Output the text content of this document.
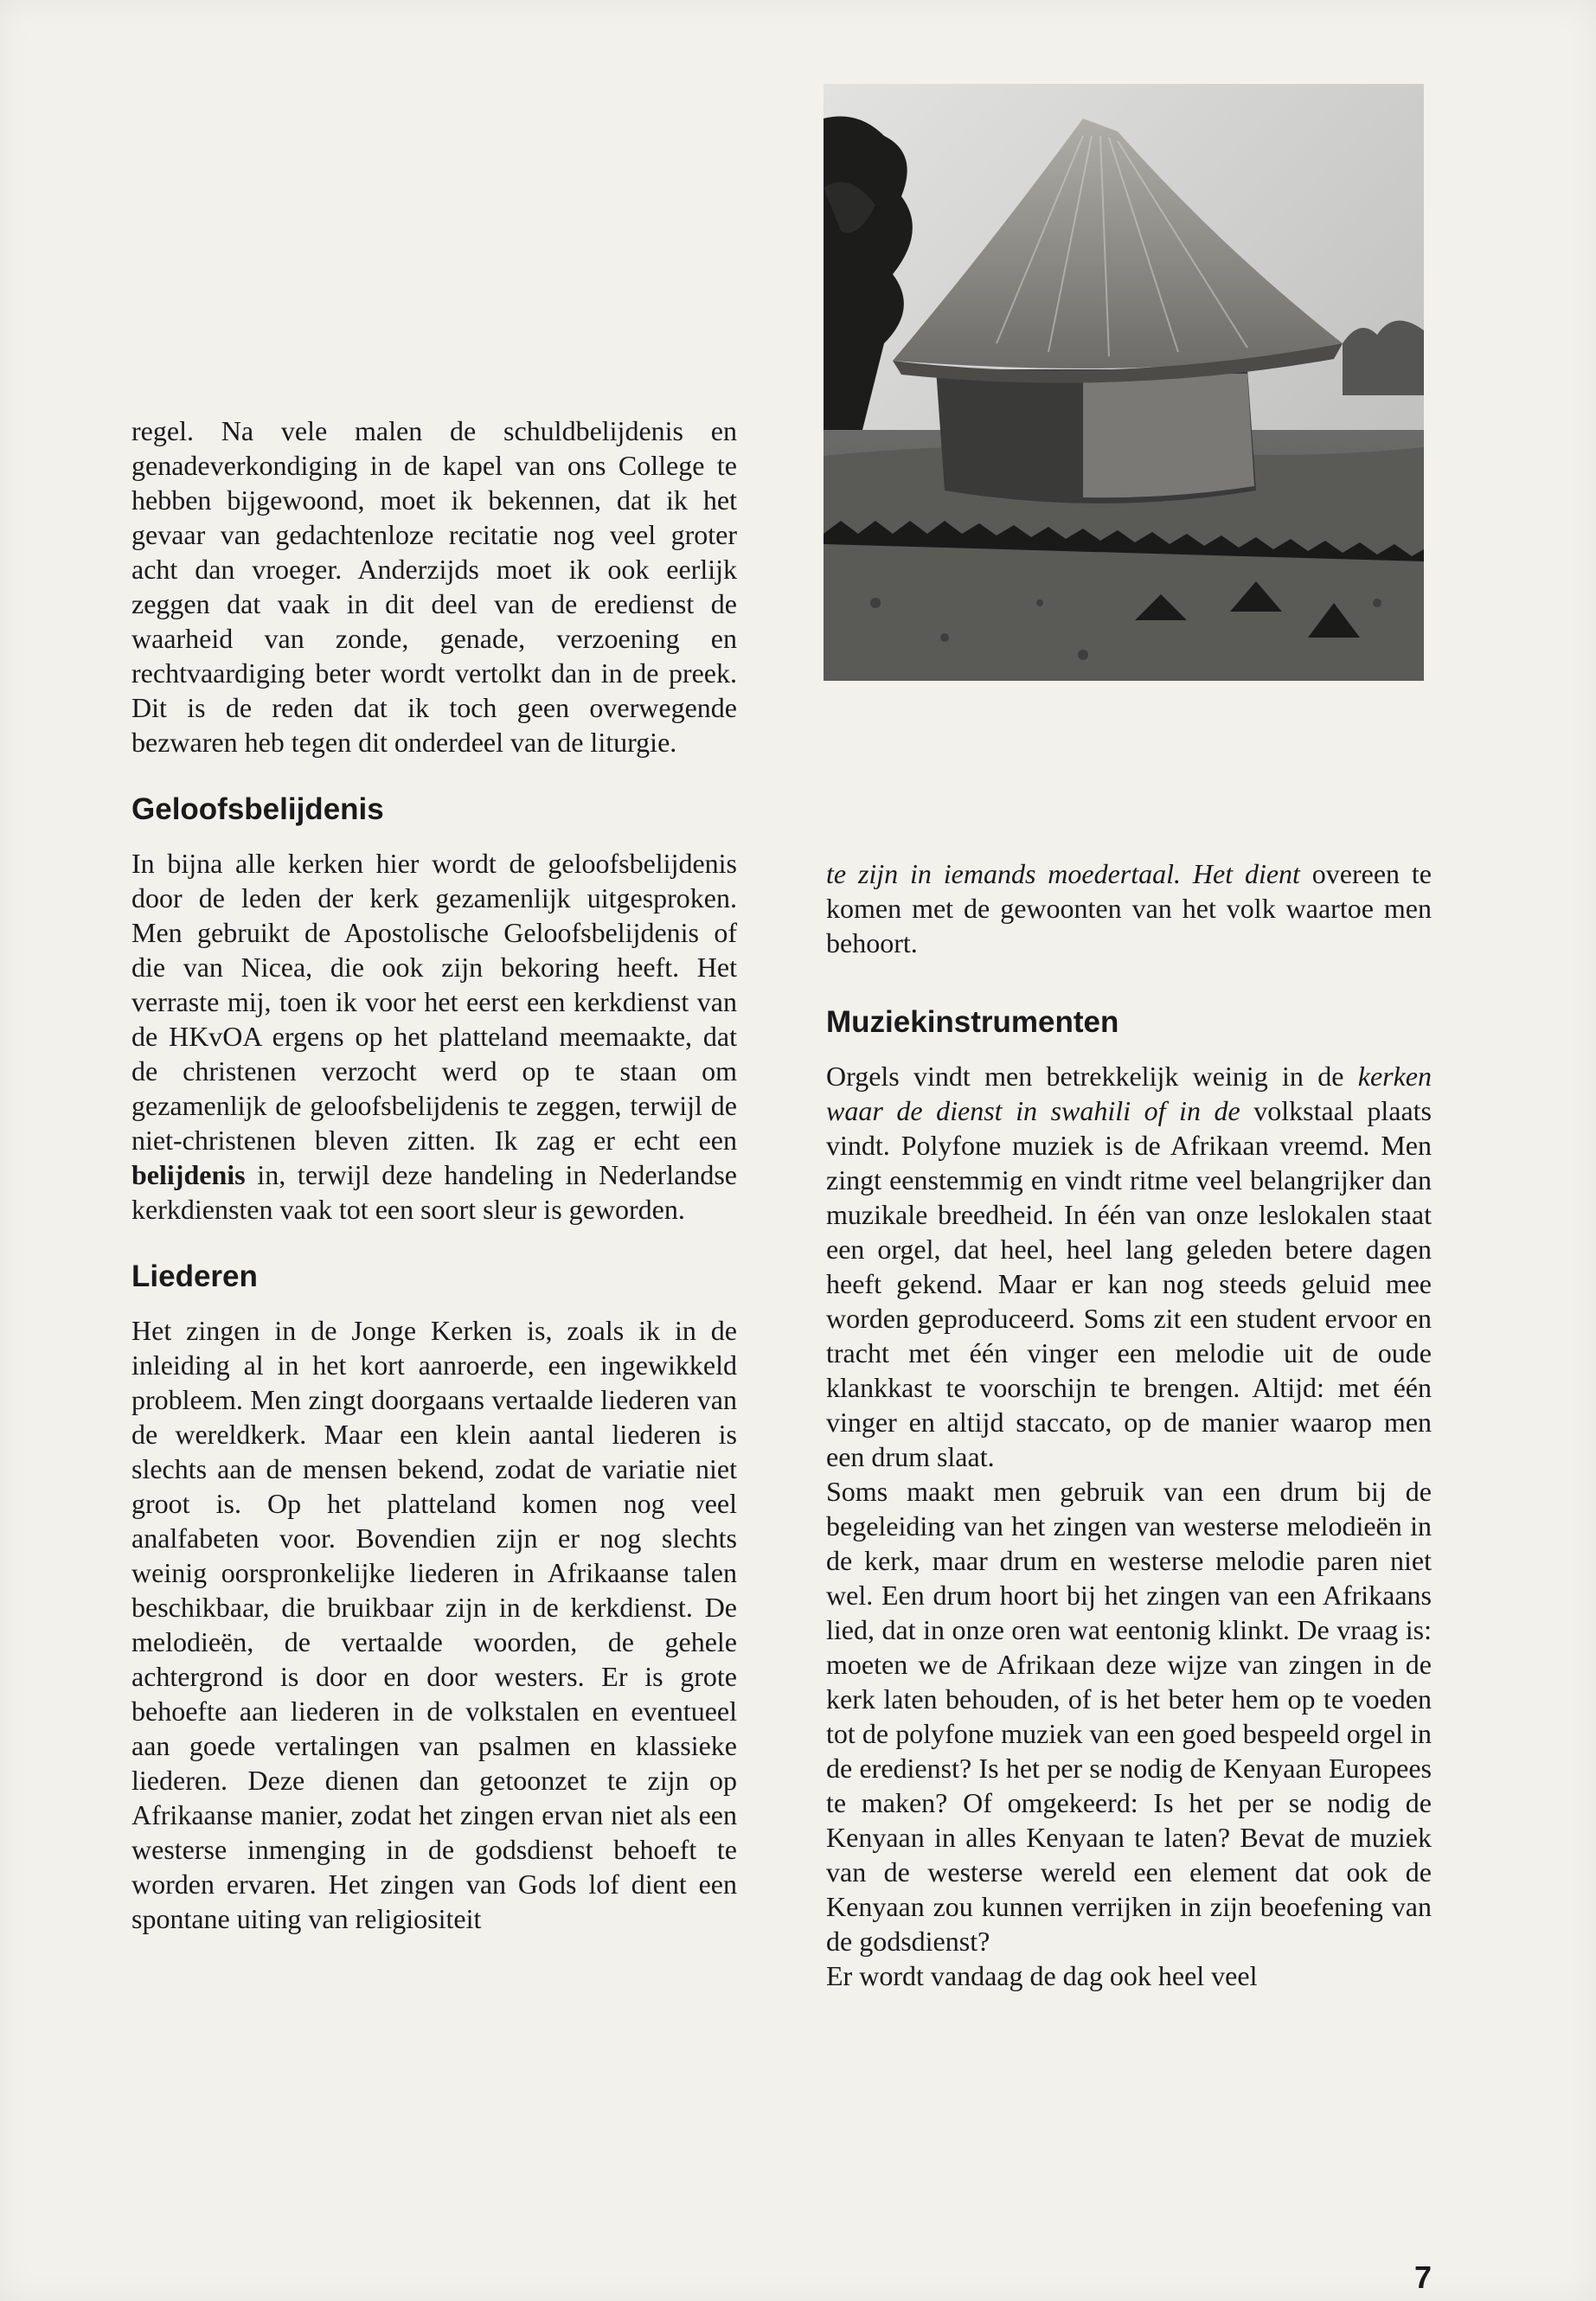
regel. Na vele malen de schuldbelijdenis en genadeverkondiging in de kapel van ons College te hebben bijgewoond, moet ik bekennen, dat ik het gevaar van gedachtenloze recitatie nog veel groter acht dan vroeger. Anderzijds moet ik ook eerlijk zeggen dat vaak in dit deel van de eredienst de waarheid van zonde, genade, verzoening en rechtvaardiging beter wordt vertolkt dan in de preek. Dit is de reden dat ik toch geen overwegende bezwaren heb tegen dit onderdeel van de liturgie.

Geloofsbelijdenis

In bijna alle kerken hier wordt de geloofsbelijdenis door de leden der kerk gezamenlijk uitgesproken. Men gebruikt de Apostolische Geloofsbelijdenis of die van Nicea, die ook zijn bekoring heeft. Het verraste mij, toen ik voor het eerst een kerkdienst van de HKvOA ergens op het platteland meemaakte, dat de christenen verzocht werd op te staan om gezamenlijk de geloofsbelijdenis te zeggen, terwijl de niet-christenen bleven zitten. Ik zag er echt een belijdenis in, terwijl deze handeling in Nederlandse kerkdiensten vaak tot een soort sleur is geworden.

Liederen

Het zingen in de Jonge Kerken is, zoals ik in de inleiding al in het kort aanroerde, een ingewikkeld probleem. Men zingt doorgaans vertaalde liederen van de wereldkerk. Maar een klein aantal liederen is slechts aan de mensen bekend, zodat de variatie niet groot is. Op het platteland komen nog veel analfabeten voor. Bovendien zijn er nog slechts weinig oorspronkelijke liederen in Afrikaanse talen beschikbaar, die bruikbaar zijn in de kerkdienst. De melodieën, de vertaalde woorden, de gehele achtergrond is door en door westers. Er is grote behoefte aan liederen in de volkstalen en eventueel aan goede vertalingen van psalmen en klassieke liederen. Deze dienen dan getoonzet te zijn op Afrikaanse manier, zodat het zingen ervan niet als een westerse inmenging in de godsdienst behoeft te worden ervaren. Het zingen van Gods lof dient een spontane uiting van religiositeit

te zijn in iemands moedertaal. Het dient overeen te komen met de gewoonten van het volk waartoe men behoort.

Muziekinstrumenten

Orgels vindt men betrekkelijk weinig in de kerken waar de dienst in swahili of in de volkstaal plaats vindt. Polyfone muziek is de Afrikaan vreemd. Men zingt eenstemmig en vindt ritme veel belangrijker dan muzikale breedheid. In één van onze leslokalen staat een orgel, dat heel, heel lang geleden betere dagen heeft gekend. Maar er kan nog steeds geluid mee worden geproduceerd. Soms zit een student ervoor en tracht met één vinger een melodie uit de oude klankkast te voorschijn te brengen. Altijd: met één vinger en altijd staccato, op de manier waarop men een drum slaat.

Soms maakt men gebruik van een drum bij de begeleiding van het zingen van westerse melodieën in de kerk, maar drum en westerse melodie paren niet wel. Een drum hoort bij het zingen van een Afrikaans lied, dat in onze oren wat eentonig klinkt. De vraag is: moeten we de Afrikaan deze wijze van zingen in de kerk laten behouden, of is het beter hem op te voeden tot de polyfone muziek van een goed bespeeld orgel in de eredienst? Is het per se nodig de Kenyaan Europees te maken? Of omgekeerd: Is het per se nodig de Kenyaan in alles Kenyaan te laten? Bevat de muziek van de westerse wereld een element dat ook de Kenyaan zou kunnen verrijken in zijn beoefening van de godsdienst?

Er wordt vandaag de dag ook heel veel

7
